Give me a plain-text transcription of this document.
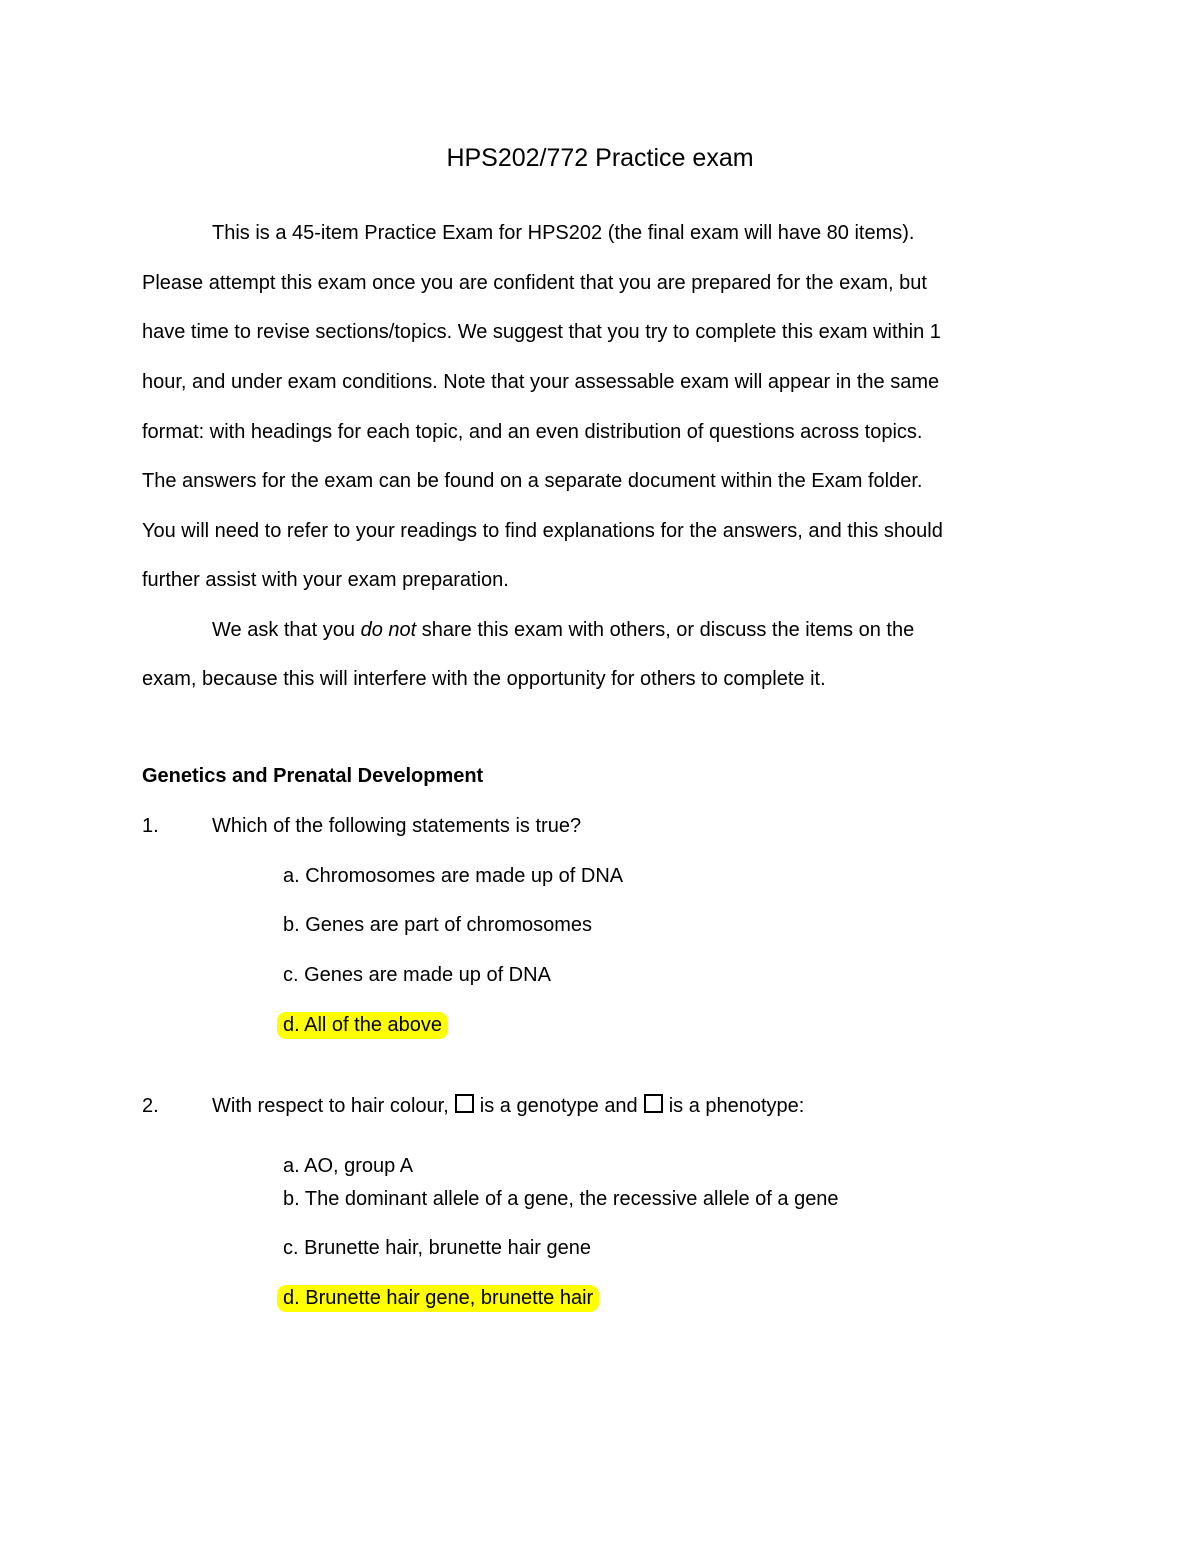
HPS202/772 Practice exam
This is a 45-item Practice Exam for HPS202 (the final exam will have 80 items).
Please attempt this exam once you are confident that you are prepared for the exam, but
have time to revise sections/topics. We suggest that you try to complete this exam within 1
hour, and under exam conditions. Note that your assessable exam will appear in the same
format: with headings for each topic, and an even distribution of questions across topics.
The answers for the exam can be found on a separate document within the Exam folder.
You will need to refer to your readings to find explanations for the answers, and this should
further assist with your exam preparation.
We ask that you do not share this exam with others, or discuss the items on the
exam, because this will interfere with the opportunity for others to complete it.
Genetics and Prenatal Development
1.	Which of the following statements is true?
a. Chromosomes are made up of DNA
b. Genes are part of chromosomes
c. Genes are made up of DNA
d. All of the above
2.	With respect to hair colour, is a genotype and is a phenotype:
a. AO, group A
b. The dominant allele of a gene, the recessive allele of a gene
c. Brunette hair, brunette hair gene
d. Brunette hair gene, brunette hair
